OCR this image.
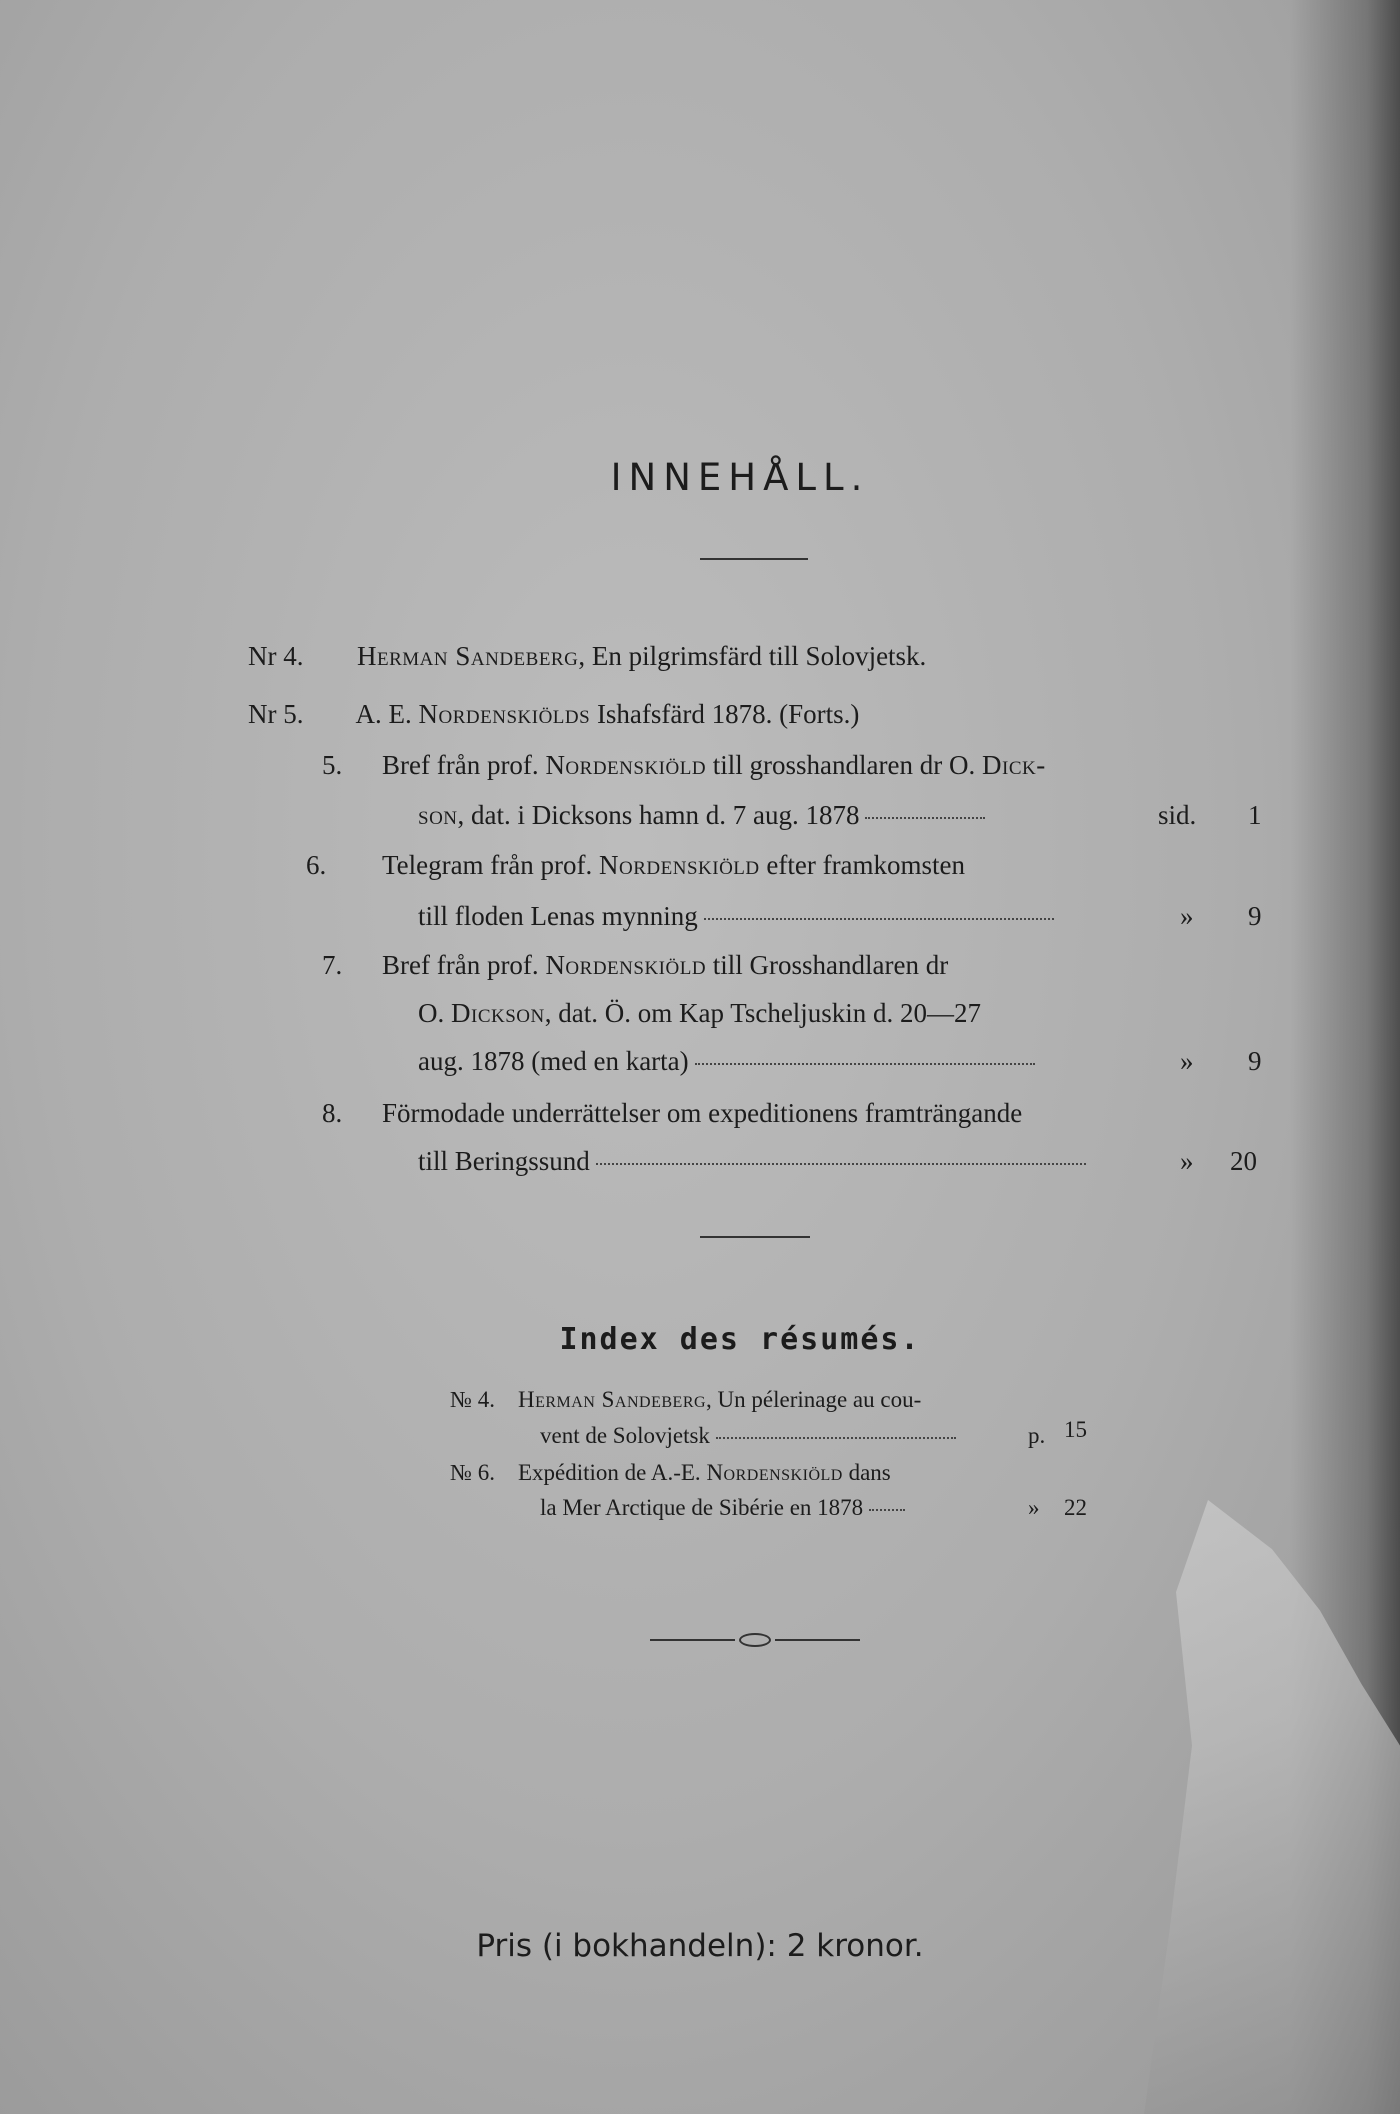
INNEHÅLL.
Nr 4. Herman Sandeberg, En pilgrimsfärd till Solovjetsk.
Nr 5. A. E. Nordenskiölds Ishafsfärd 1878. (Forts.)
5. Bref från prof. Nordenskiöld till grosshandlaren dr O. Dick-
son, dat. i Dicksons hamn d. 7 aug. 1878	sid. 1
6. Telegram från prof. Nordenskiöld efter framkomsten
till floden Lenas mynning	» 9
7. Bref från prof. Nordenskiöld till Grosshandlaren dr
O. Dickson, dat. Ö. om Kap Tscheljuskin d. 20—27
aug. 1878 (med en karta)	» 9
8. Förmodade underrättelser om expeditionens framträngande
till Beringssund	» 20
Index des résumés.
№ 4. Herman Sandeberg, Un pélerinage au cou-
vent de Solovjetsk	p. 15
№ 6. Expédition de A.-E. Nordenskiöld dans
la Mer Arctique de Sibérie en 1878	» 22
Pris (i bokhandeln): 2 kronor.
